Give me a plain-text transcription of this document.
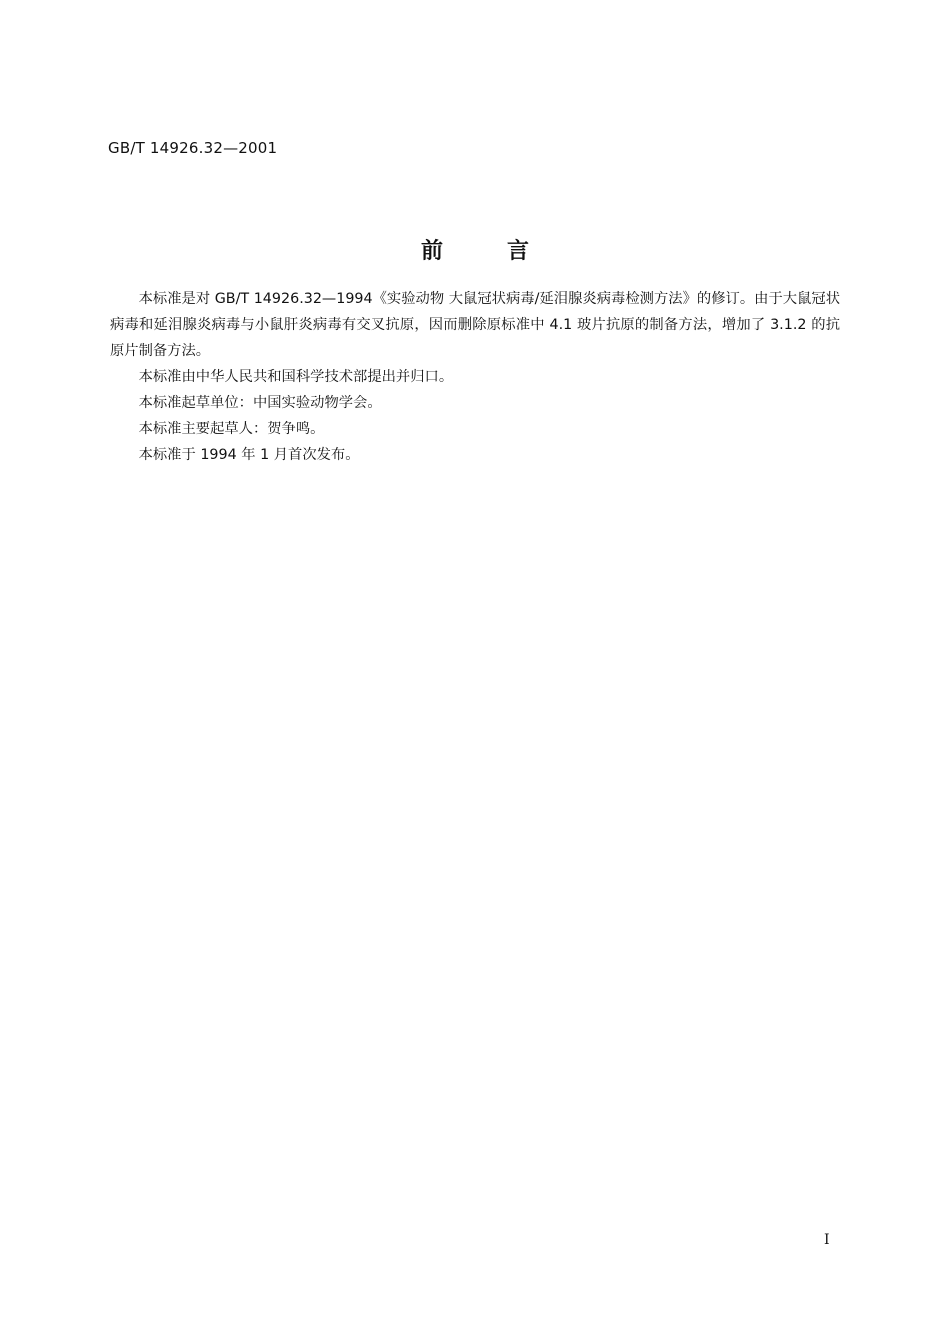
GB/T 14926.32—2001
前	言

本标准是对 GB/T 14926.32—1994《实验动物 大鼠冠状病毒/延泪腺炎病毒检测方法》的修订。由于大鼠冠状病毒和延泪腺炎病毒与小鼠肝炎病毒有交叉抗原，因而删除原标准中 4.1 玻片抗原的制备方法，增加了 3.1.2 的抗原片制备方法。

本标准由中华人民共和国科学技术部提出并归口。

本标准起草单位：中国实验动物学会。

本标准主要起草人：贺争鸣。

本标准于 1994 年 1 月首次发布。

I
